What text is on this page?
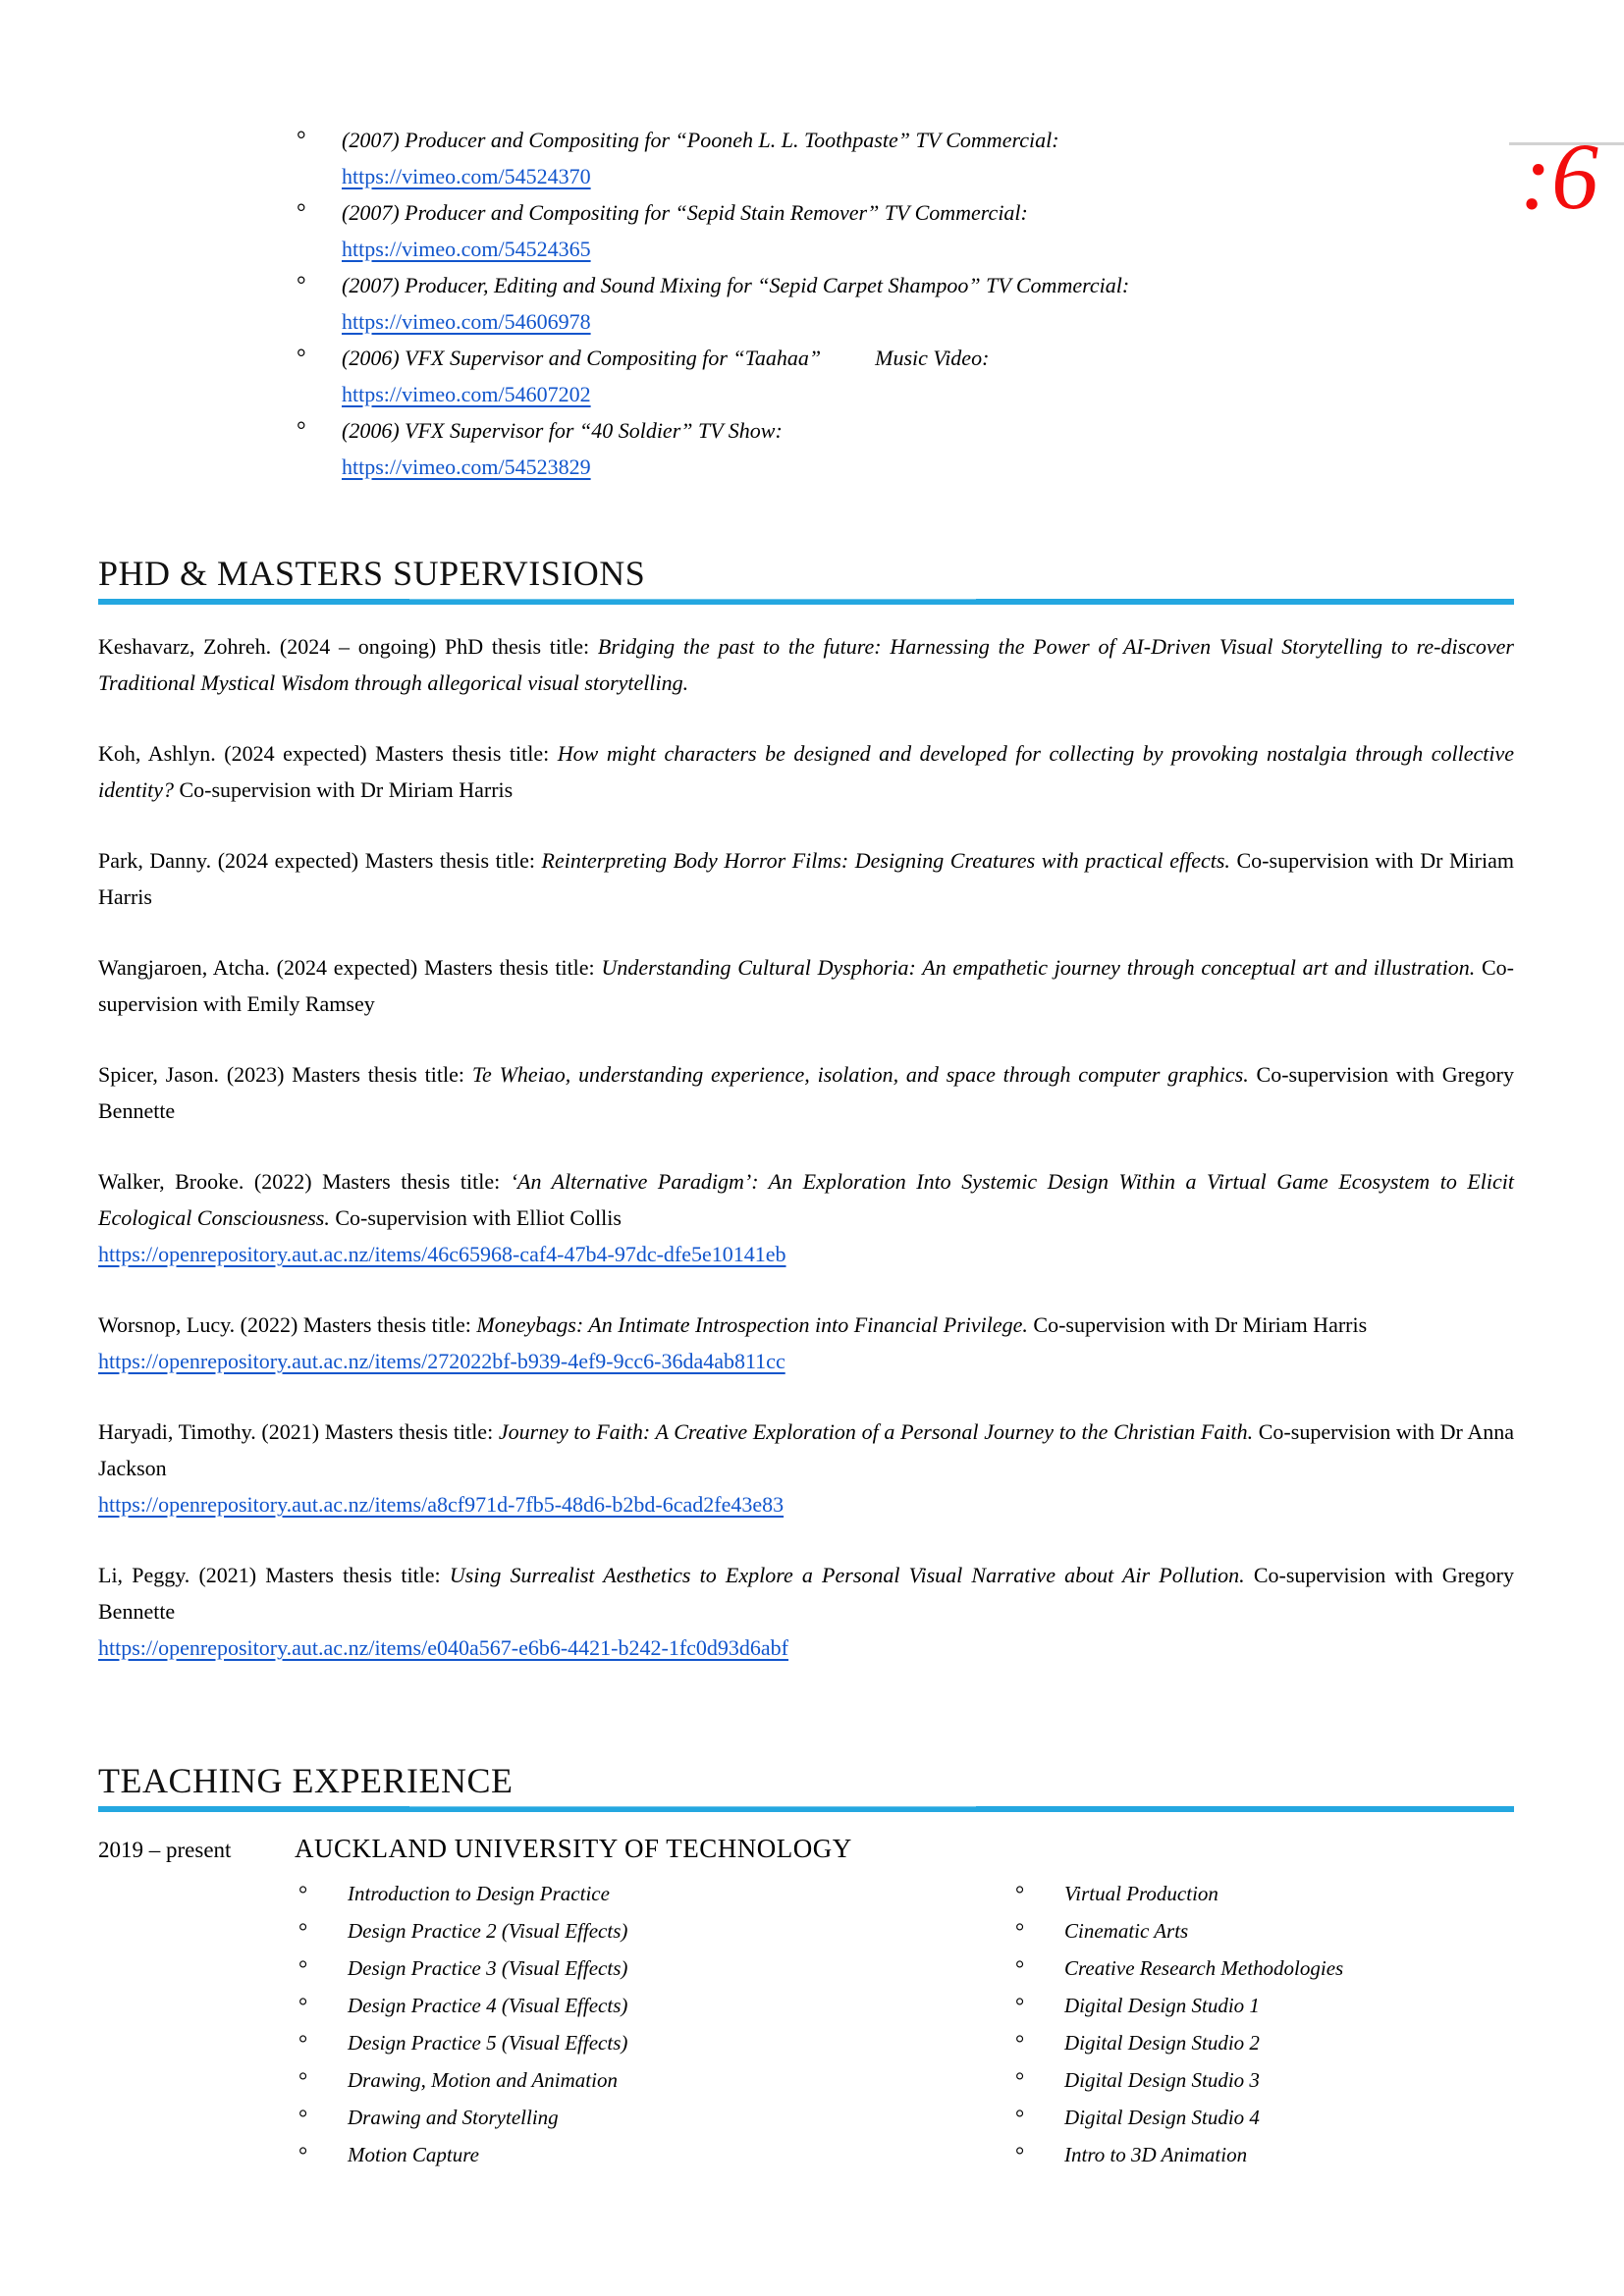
:6
° (2007) Producer and Compositing for “Pooneh L. L. Toothpaste” TV Commercial:
https://vimeo.com/54524370
° (2007) Producer and Compositing for “Sepid Stain Remover” TV Commercial:
https://vimeo.com/54524365
° (2007) Producer, Editing and Sound Mixing for “Sepid Carpet Shampoo” TV Commercial:
https://vimeo.com/54606978
° (2006) VFX Supervisor and Compositing for “Taahaa”	Music Video:
https://vimeo.com/54607202
° (2006) VFX Supervisor for “40 Soldier” TV Show:
https://vimeo.com/54523829
PHD & MASTERS SUPERVISIONS

Keshavarz, Zohreh. (2024 – ongoing) PhD thesis title: Bridging the past to the future: Harnessing the Power of AI-Driven Visual Storytelling to re-discover Traditional Mystical Wisdom through allegorical visual storytelling.

Koh, Ashlyn. (2024 expected) Masters thesis title: How might characters be designed and developed for collecting by provoking nostalgia through collective identity? Co-supervision with Dr Miriam Harris

Park, Danny. (2024 expected) Masters thesis title: Reinterpreting Body Horror Films: Designing Creatures with practical effects. Co-supervision with Dr Miriam Harris

Wangjaroen, Atcha. (2024 expected) Masters thesis title: Understanding Cultural Dysphoria: An empathetic journey through conceptual art and illustration. Co-supervision with Emily Ramsey

Spicer, Jason. (2023) Masters thesis title: Te Wheiao, understanding experience, isolation, and space through computer graphics. Co-supervision with Gregory Bennette

Walker, Brooke. (2022) Masters thesis title: ‘An Alternative Paradigm’: An Exploration Into Systemic Design Within a Virtual Game Ecosystem to Elicit Ecological Consciousness. Co-supervision with Elliot Collis
https://openrepository.aut.ac.nz/items/46c65968-caf4-47b4-97dc-dfe5e10141eb

Worsnop, Lucy. (2022) Masters thesis title: Moneybags: An Intimate Introspection into Financial Privilege. Co-supervision with Dr Miriam Harris
https://openrepository.aut.ac.nz/items/272022bf-b939-4ef9-9cc6-36da4ab811cc

Haryadi, Timothy. (2021) Masters thesis title: Journey to Faith: A Creative Exploration of a Personal Journey to the Christian Faith. Co-supervision with Dr Anna Jackson
https://openrepository.aut.ac.nz/items/a8cf971d-7fb5-48d6-b2bd-6cad2fe43e83

Li, Peggy. (2021) Masters thesis title: Using Surrealist Aesthetics to Explore a Personal Visual Narrative about Air Pollution. Co-supervision with Gregory Bennette
https://openrepository.aut.ac.nz/items/e040a567-e6b6-4421-b242-1fc0d93d6abf

TEACHING EXPERIENCE
2019 – present AUCKLAND UNIVERSITY OF TECHNOLOGY
° Introduction to Design Practice
° Design Practice 2 (Visual Effects)
° Design Practice 3 (Visual Effects)
° Design Practice 4 (Visual Effects)
° Design Practice 5 (Visual Effects)
° Drawing, Motion and Animation
° Drawing and Storytelling
° Motion Capture
° Virtual Production
° Cinematic Arts
° Creative Research Methodologies
° Digital Design Studio 1
° Digital Design Studio 2
° Digital Design Studio 3
° Digital Design Studio 4
° Intro to 3D Animation
